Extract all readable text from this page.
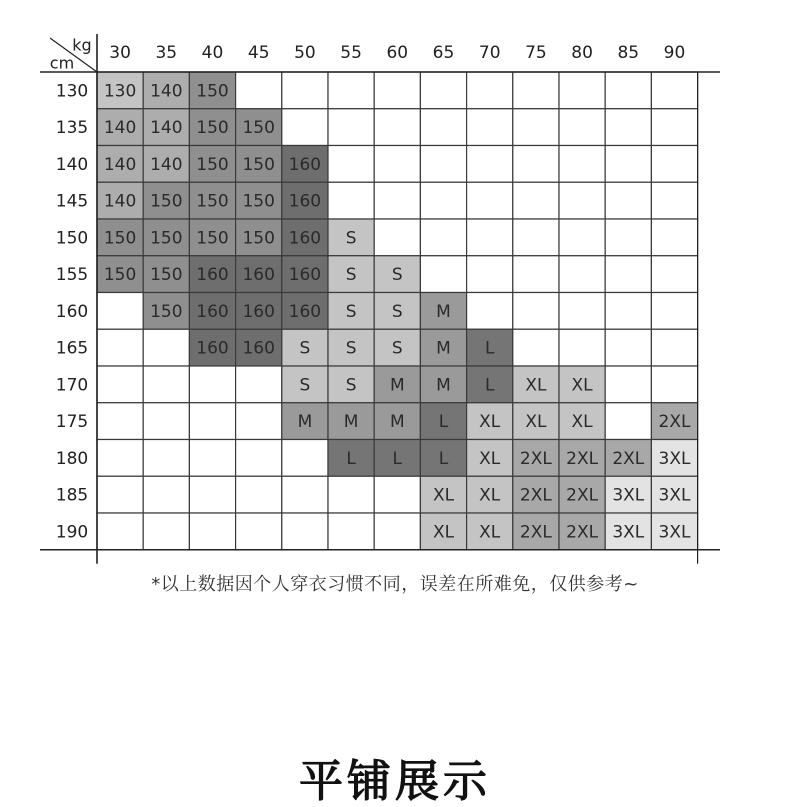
130 140 150
140 140 150 150
140 140 150 150 160
140 150 150 150 160
150 150 150 150 160 S
150 150 160 160 160 S S
150 160 160 160 S S M
160 160 S S S M L
S S M M L XL XL
M M M L XL XL XL	2XL
L L L XL 2XL 2XL 2XL 3XL
XL XL 2XL 2XL 3XL 3XL
XL XL 2XL 2XL 3XL 3XL
30 35 40 45 50 55 60 65 70 75 80 85 90
130
135
140
145
150
155
160
165
170
175
180
185
190
kg
cm
*以上数据因个人穿衣习惯不同，误差在所难免，仅供参考~
平铺展示
